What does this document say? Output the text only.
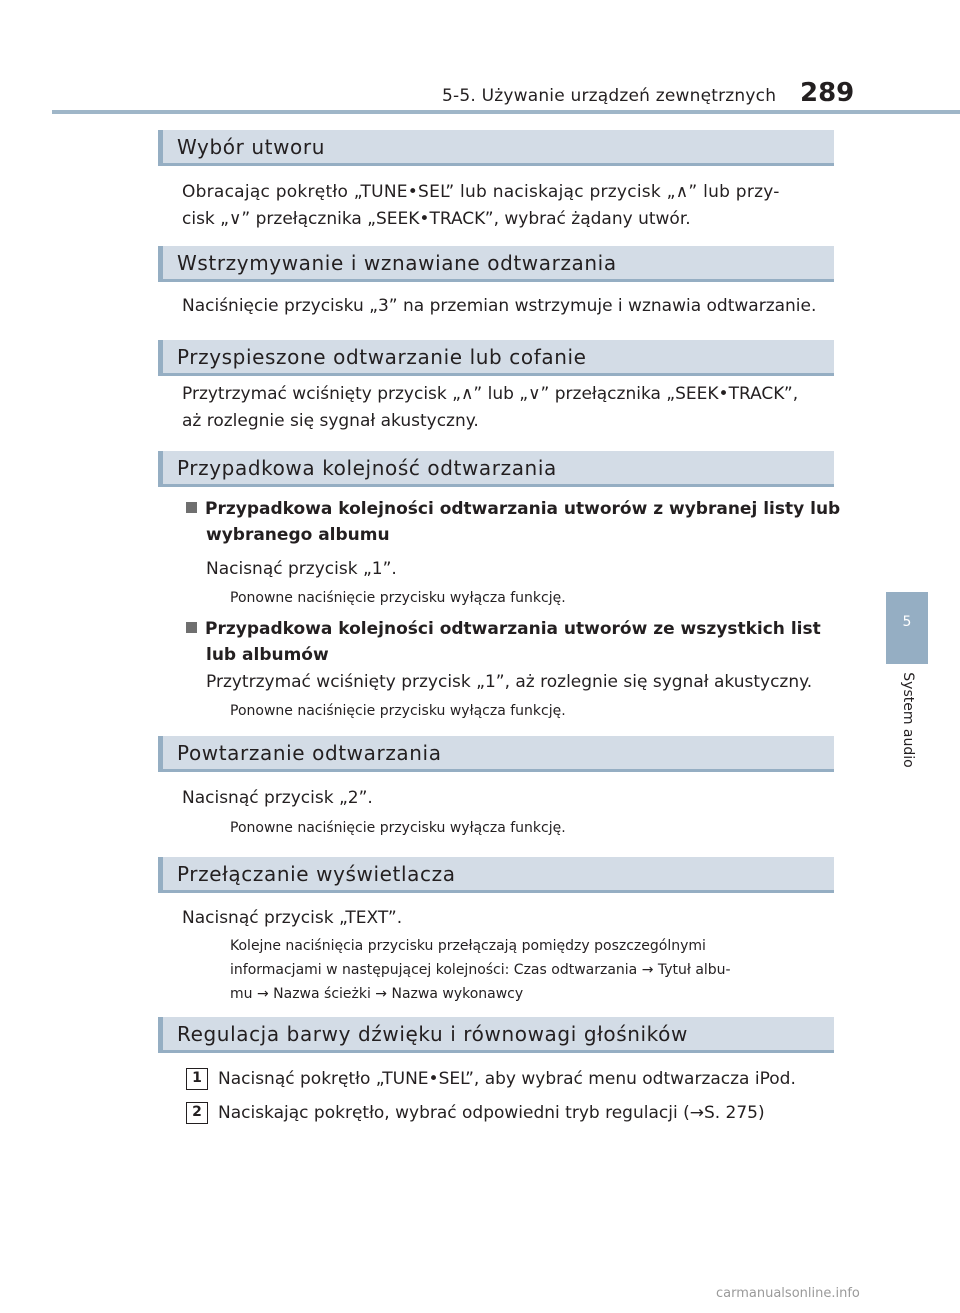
5-5. Używanie urządzeń zewnętrznych 289
5
System audio
Wybór utworu
Obracając pokrętło „TUNE•SEL” lub naciskając przycisk „∧” lub przy-
cisk „∨” przełącznika „SEEK•TRACK”, wybrać żądany utwór.
Wstrzymywanie i wznawiane odtwarzania
Naciśnięcie przycisku „3” na przemian wstrzymuje i wznawia odtwarzanie.
Przyspieszone odtwarzanie lub cofanie
Przytrzymać wciśnięty przycisk „∧” lub „∨” przełącznika „SEEK•TRACK”,
aż rozlegnie się sygnał akustyczny.
Przypadkowa kolejność odtwarzania
Przypadkowa kolejności odtwarzania utworów z wybranej listy lub
wybranego albumu
Nacisnąć przycisk „1”.
Ponowne naciśnięcie przycisku wyłącza funkcję.
Przypadkowa kolejności odtwarzania utworów ze wszystkich list
lub albumów
Przytrzymać wciśnięty przycisk „1”, aż rozlegnie się sygnał akustyczny.
Ponowne naciśnięcie przycisku wyłącza funkcję.
Powtarzanie odtwarzania
Nacisnąć przycisk „2”.
Ponowne naciśnięcie przycisku wyłącza funkcję.
Przełączanie wyświetlacza
Nacisnąć przycisk „TEXT”.
Kolejne naciśnięcia przycisku przełączają pomiędzy poszczególnymi
informacjami w następującej kolejności: Czas odtwarzania → Tytuł albu-
mu → Nazwa ścieżki → Nazwa wykonawcy
Regulacja barwy dźwięku i równowagi głośników
1 Nacisnąć pokrętło „TUNE•SEL”, aby wybrać menu odtwarzacza iPod.
2 Naciskając pokrętło, wybrać odpowiedni tryb regulacji (→S. 275)
carmanualsonline.info
